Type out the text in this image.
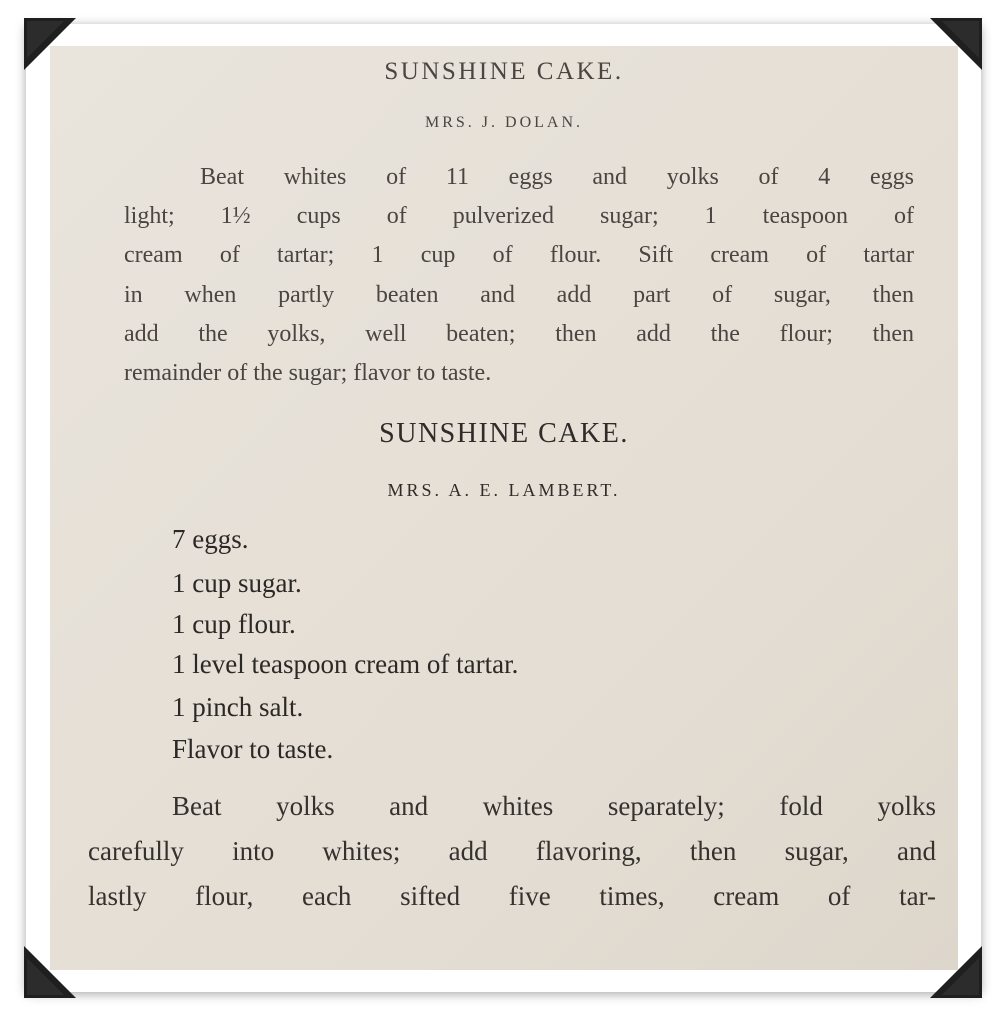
SUNSHINE CAKE.
MRS. J. DOLAN.
Beat whites of 11 eggs and yolks of 4 eggs
light; 1½ cups of pulverized sugar; 1 teaspoon of
cream of tartar; 1 cup of flour. Sift cream of tartar
in when partly beaten and add part of sugar, then
add the yolks, well beaten; then add the flour; then
remainder of the sugar; flavor to taste.
SUNSHINE CAKE.
MRS. A. E. LAMBERT.
7 eggs.
1 cup sugar.
1 cup flour.
1 level teaspoon cream of tartar.
1 pinch salt.
Flavor to taste.
Beat yolks and whites separately; fold yolks
carefully into whites; add flavoring, then sugar, and
lastly flour, each sifted five times, cream of tar-
